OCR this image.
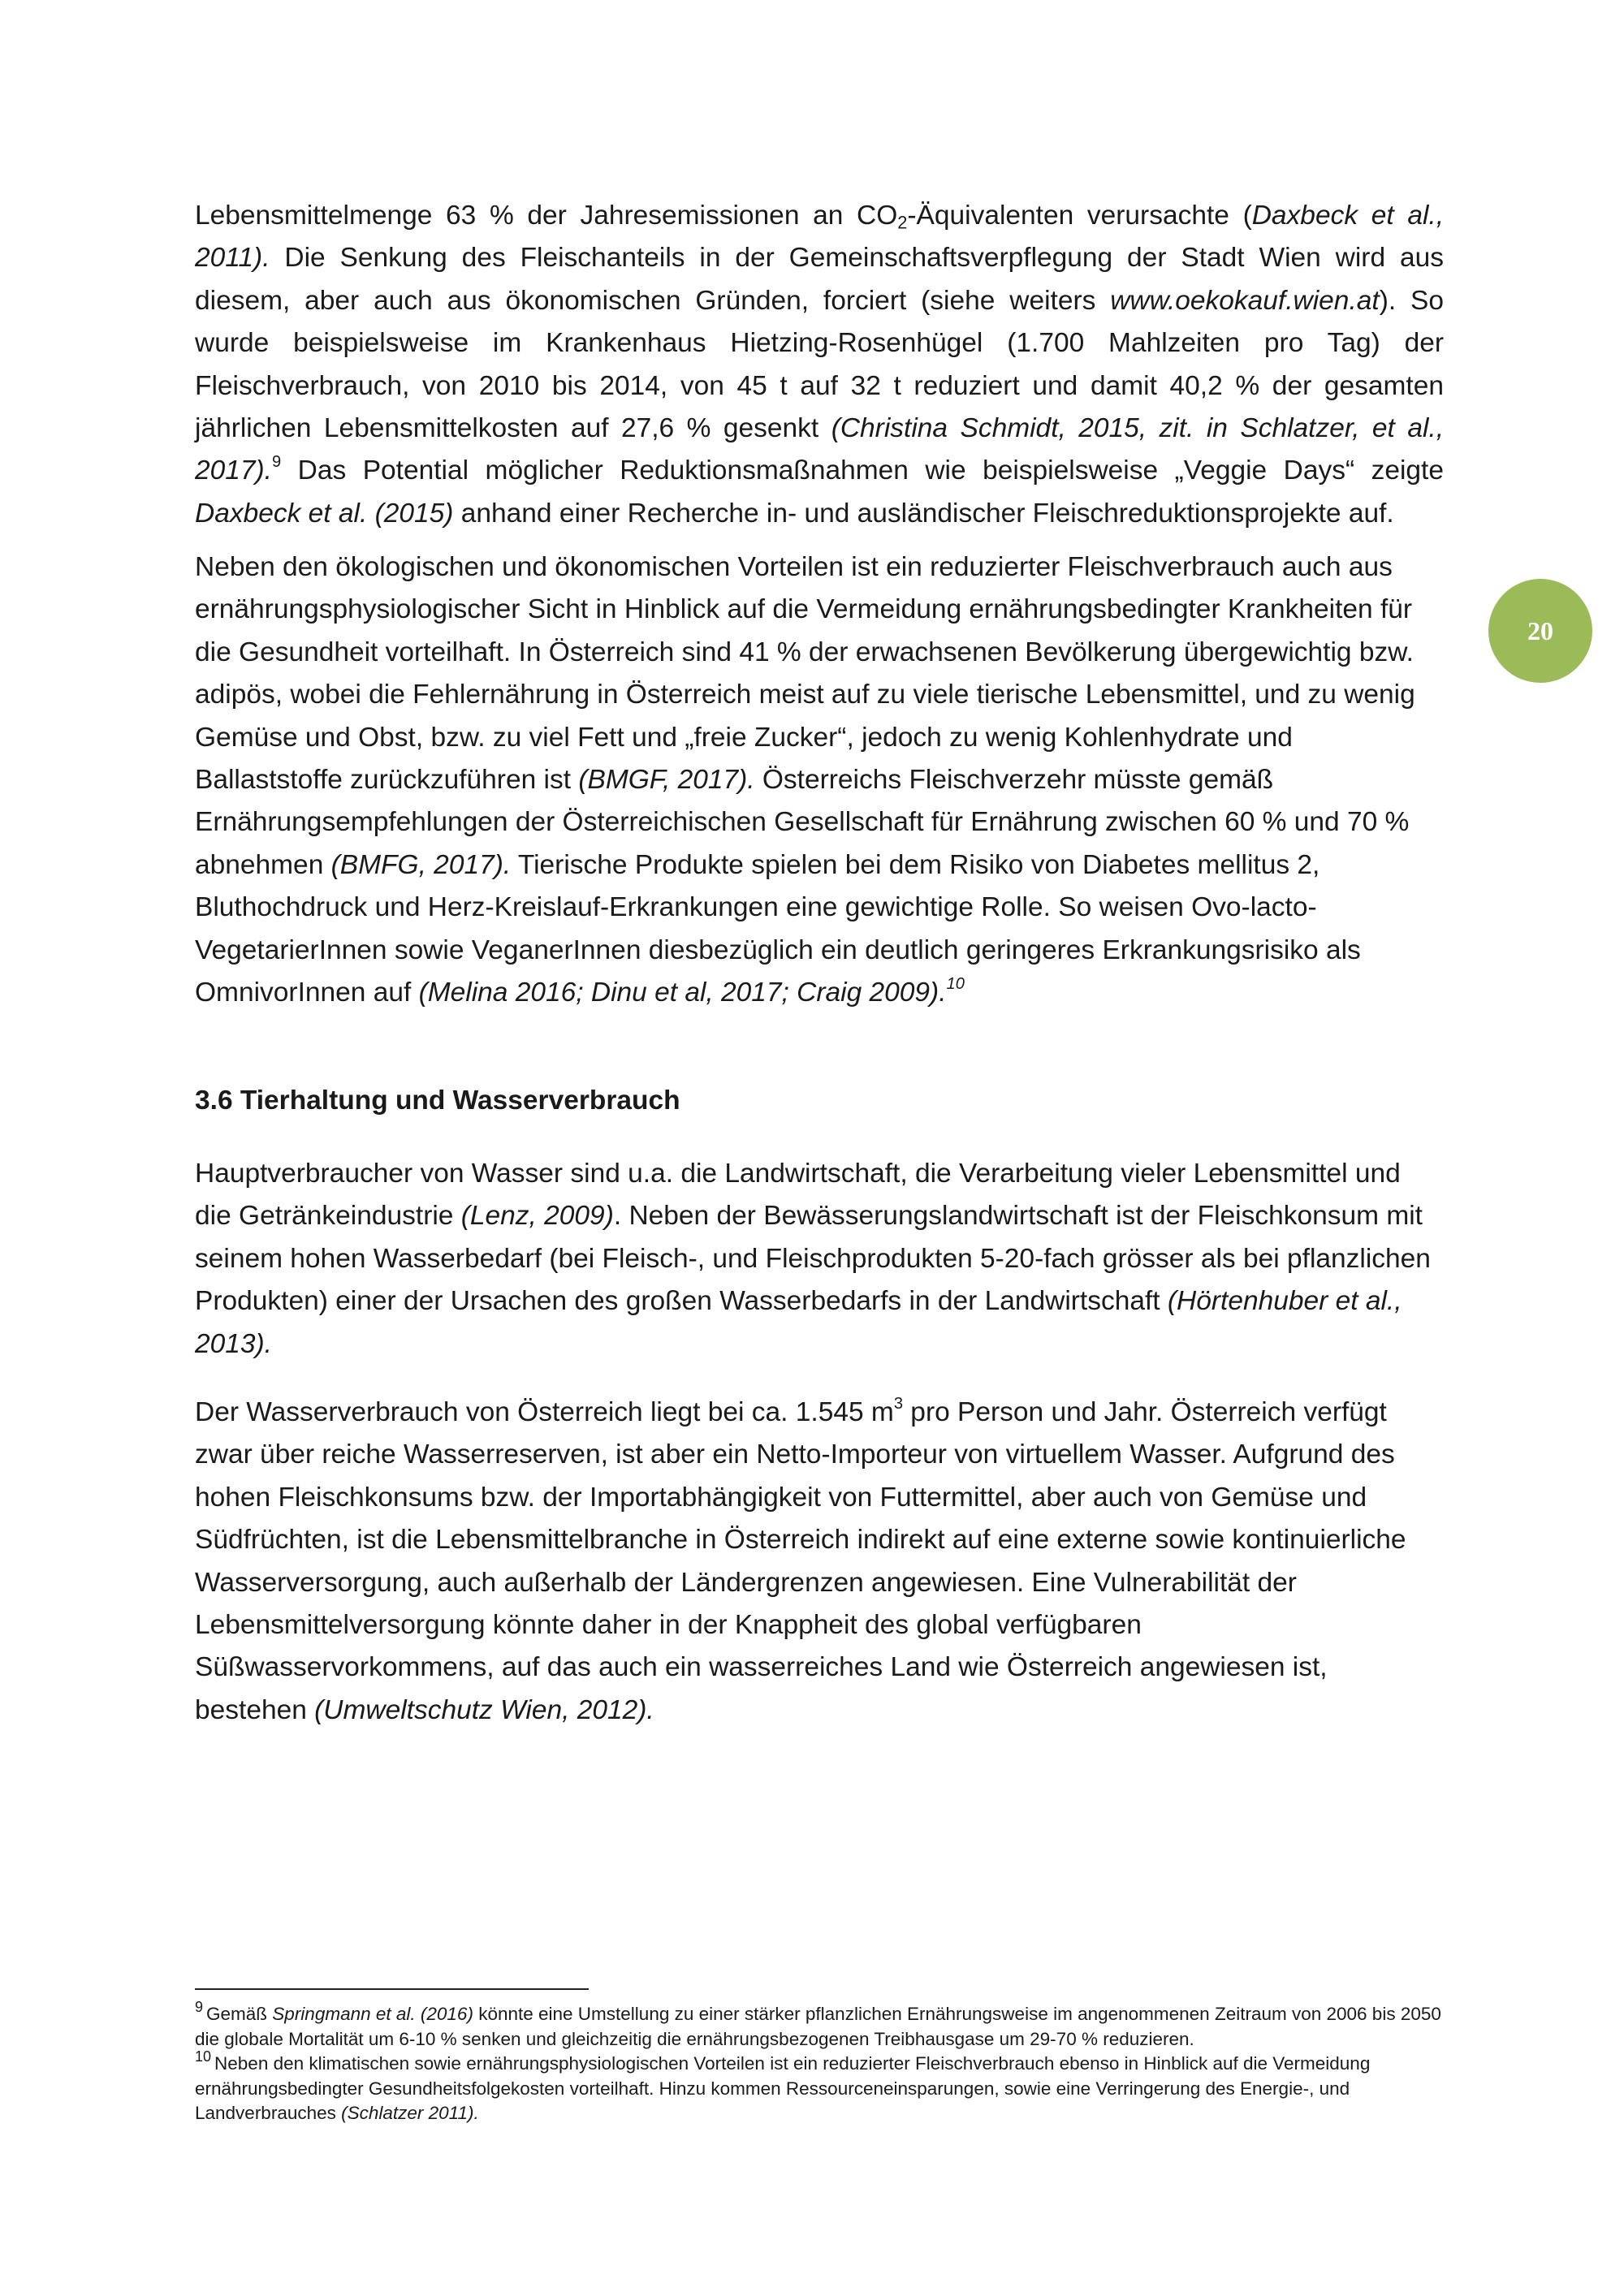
20

Lebensmittelmenge 63 % der Jahresemissionen an $CO_2$-Äquivalenten verursachte (Daxbeck et al., 2011). Die Senkung des Fleischanteils in der Gemeinschaftsverpflegung der Stadt Wien wird aus diesem, aber auch aus ökonomischen Gründen, forciert (siehe weiters www.oekokauf.wien.at). So wurde beispielsweise im Krankenhaus Hietzing-Rosenhügel (1.700 Mahlzeiten pro Tag) der Fleischverbrauch, von 2010 bis 2014, von 45 t auf 32 t reduziert und damit 40,2 % der gesamten jährlichen Lebensmittelkosten auf 27,6 % gesenkt (Christina Schmidt, 2015, zit. in Schlatzer, et al., 2017).$^9$ Das Potential möglicher Reduktionsmaßnahmen wie beispielsweise „Veggie Days“ zeigte Daxbeck et al. (2015) anhand einer Recherche in- und ausländischer Fleischreduktionsprojekte auf.

Neben den ökologischen und ökonomischen Vorteilen ist ein reduzierter Fleischverbrauch auch aus ernährungsphysiologischer Sicht in Hinblick auf die Vermeidung ernährungsbedingter Krankheiten für die Gesundheit vorteilhaft. In Österreich sind 41 % der erwachsenen Bevölkerung übergewichtig bzw. adipös, wobei die Fehlernährung in Österreich meist auf zu viele tierische Lebensmittel, und zu wenig Gemüse und Obst, bzw. zu viel Fett und „freie Zucker“, jedoch zu wenig Kohlenhydrate und Ballaststoffe zurückzuführen ist (BMGF, 2017). Österreichs Fleischverzehr müsste gemäß Ernährungsempfehlungen der Österreichischen Gesellschaft für Ernährung zwischen 60 % und 70 % abnehmen (BMFG, 2017). Tierische Produkte spielen bei dem Risiko von Diabetes mellitus 2, Bluthochdruck und Herz-Kreislauf-Erkrankungen eine gewichtige Rolle. So weisen Ovo-lacto-VegetarierInnen sowie VeganerInnen diesbezüglich ein deutlich geringeres Erkrankungsrisiko als OmnivorInnen auf (Melina 2016; Dinu et al, 2017; Craig 2009).$^{10}$

3.6 Tierhaltung und Wasserverbrauch

Hauptverbraucher von Wasser sind u.a. die Landwirtschaft, die Verarbeitung vieler Lebensmittel und die Getränkeindustrie (Lenz, 2009). Neben der Bewässerungslandwirtschaft ist der Fleischkonsum mit seinem hohen Wasserbedarf (bei Fleisch-, und Fleischprodukten 5-20-fach grösser als bei pflanzlichen Produkten) einer der Ursachen des großen Wasserbedarfs in der Landwirtschaft (Hörtenhuber et al., 2013).

Der Wasserverbrauch von Österreich liegt bei ca. 1.545 $m^3$ pro Person und Jahr. Österreich verfügt zwar über reiche Wasserreserven, ist aber ein Netto-Importeur von virtuellem Wasser. Aufgrund des hohen Fleischkonsums bzw. der Importabhängigkeit von Futtermittel, aber auch von Gemüse und Südfrüchten, ist die Lebensmittelbranche in Österreich indirekt auf eine externe sowie kontinuierliche Wasserversorgung, auch außerhalb der Ländergrenzen angewiesen. Eine Vulnerabilität der Lebensmittelversorgung könnte daher in der Knappheit des global verfügbaren Süßwasservorkommens, auf das auch ein wasserreiches Land wie Österreich angewiesen ist, bestehen (Umweltschutz Wien, 2012).

$^9$ Gemäß Springmann et al. (2016) könnte eine Umstellung zu einer stärker pflanzlichen Ernährungsweise im angenommenen Zeitraum von 2006 bis 2050 die globale Mortalität um 6-10 % senken und gleichzeitig die ernährungsbezogenen Treibhausgase um 29-70 % reduzieren.

$^{10}$ Neben den klimatischen sowie ernährungsphysiologischen Vorteilen ist ein reduzierter Fleischverbrauch ebenso in Hinblick auf die Vermeidung ernährungsbedingter Gesundheitsfolgekosten vorteilhaft. Hinzu kommen Ressourceneinsparungen, sowie eine Verringerung des Energie-, und Landverbrauches (Schlatzer 2011).
